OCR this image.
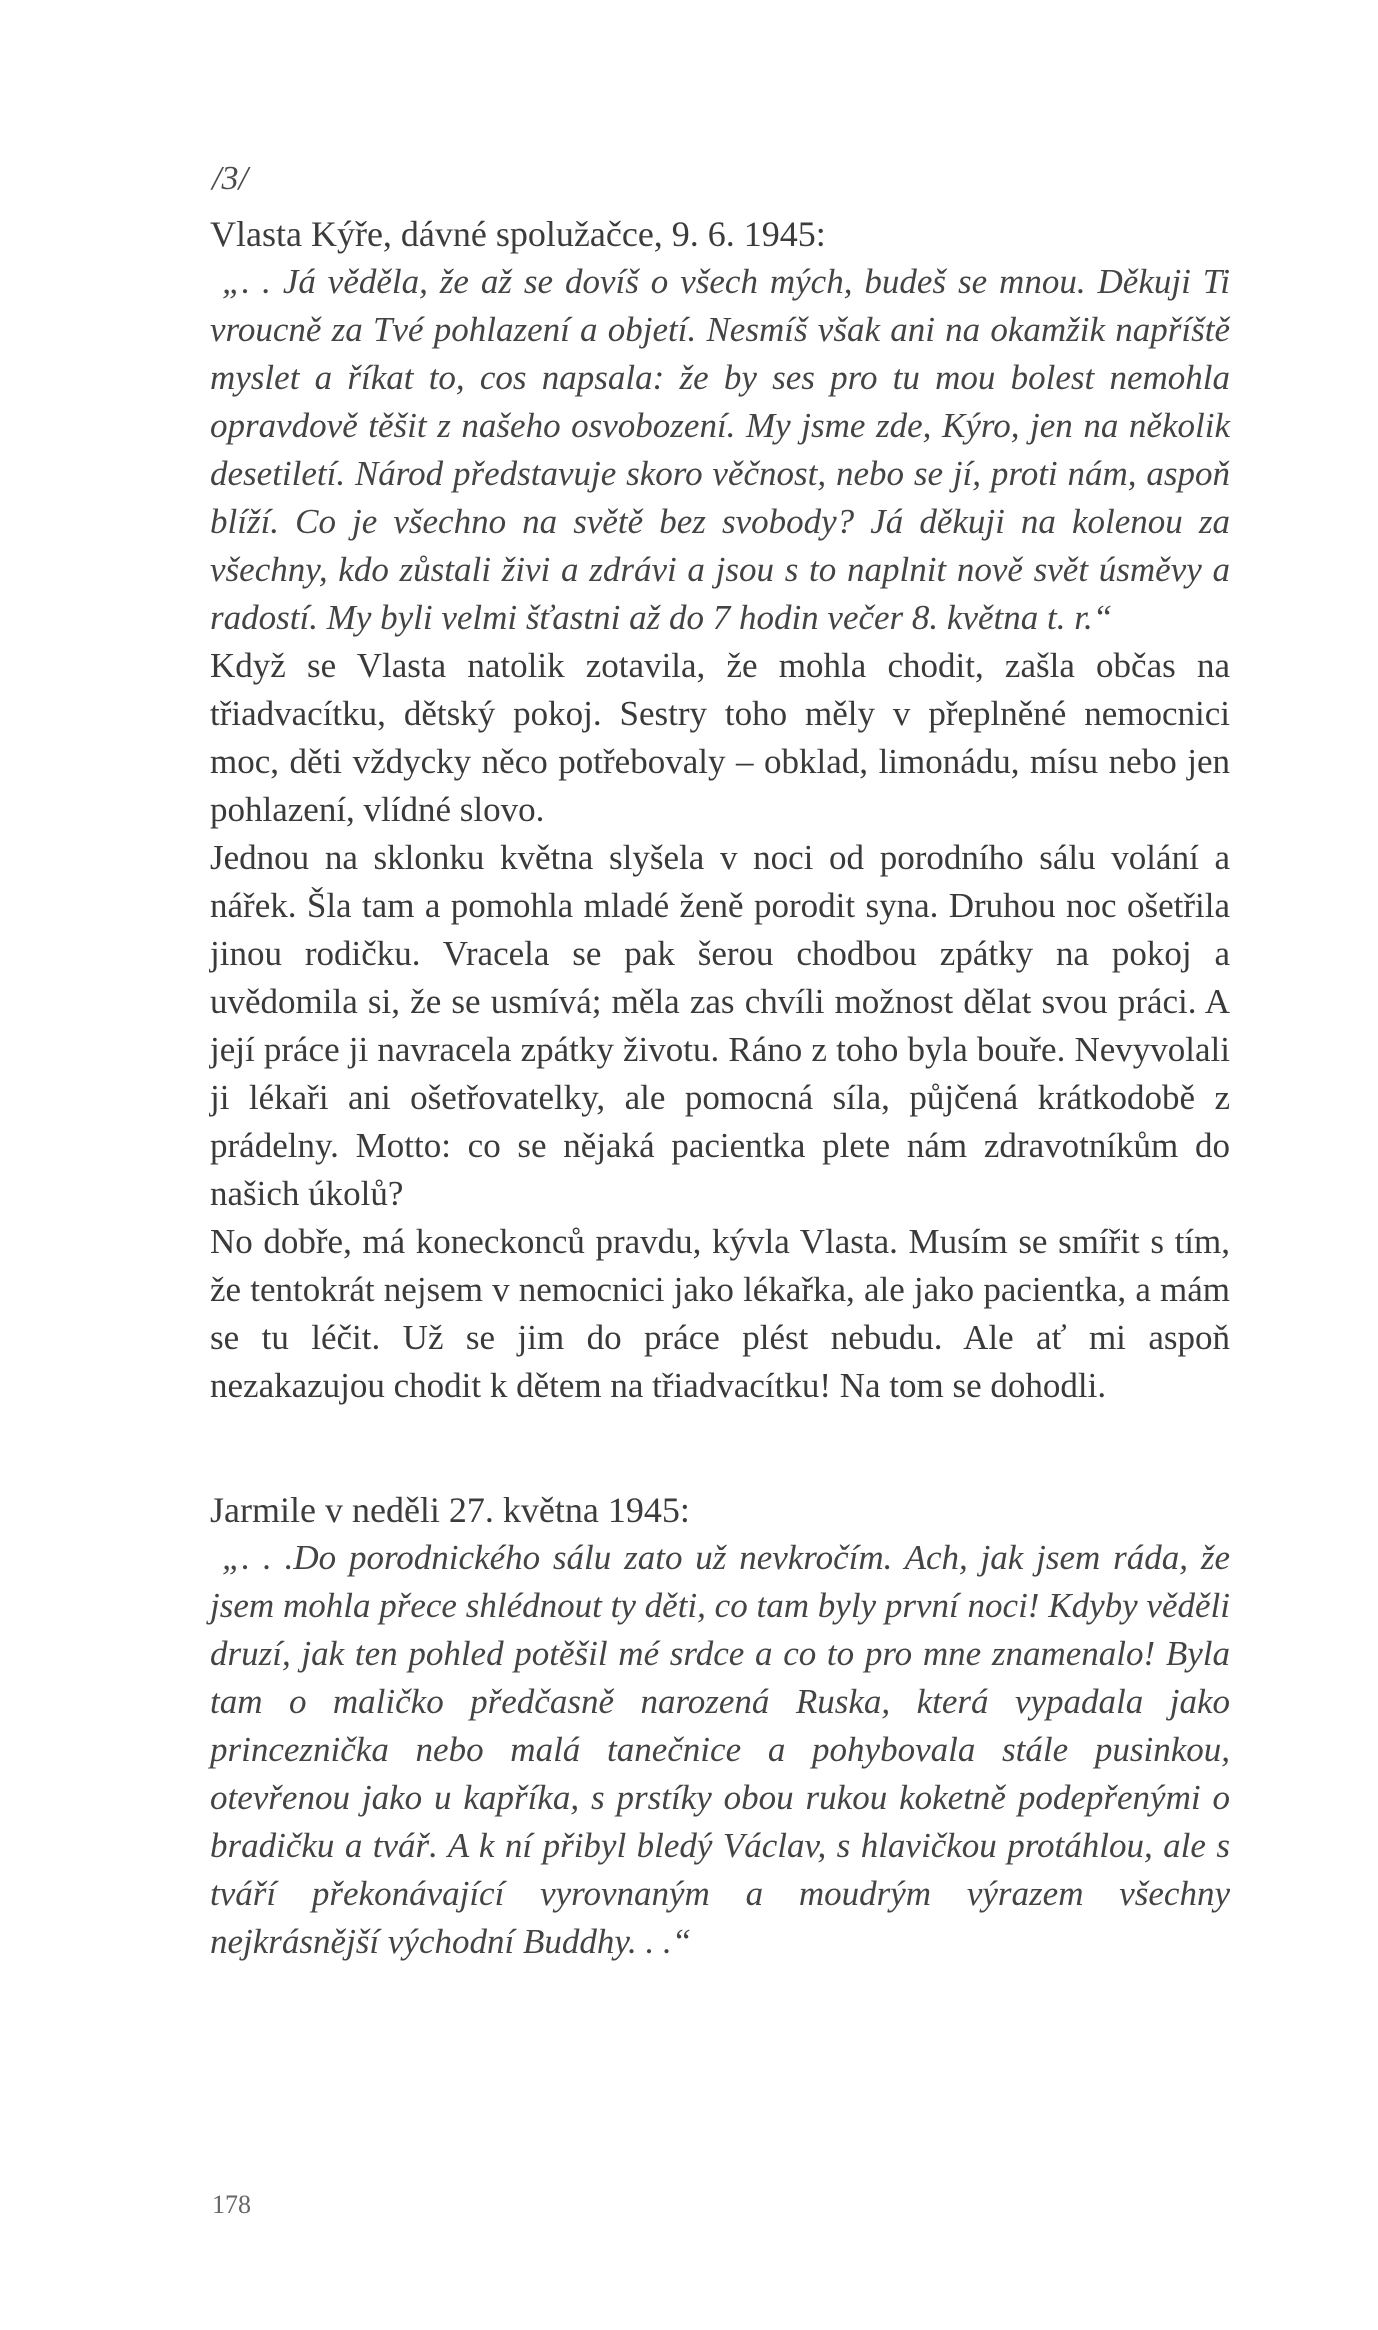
/3/

Vlasta Kýře, dávné spolužačce, 9. 6. 1945:

„. . Já věděla, že až se dovíš o všech mých, budeš se mnou. Děkuji Ti vroucně za Tvé pohlazení a objetí. Nesmíš však ani na okamžik napříště myslet a říkat to, cos napsala: že by ses pro tu mou bolest nemohla opravdově těšit z našeho osvobození. My jsme zde, Kýro, jen na několik desetiletí. Národ představuje skoro věčnost, nebo se jí, proti nám, aspoň blíží. Co je všechno na světě bez svobody? Já děkuji na kolenou za všechny, kdo zůstali živi a zdrávi a jsou s to naplnit nově svět úsměvy a radostí. My byli velmi šťastni až do 7 hodin večer 8. května t. r.“

Když se Vlasta natolik zotavila, že mohla chodit, zašla občas na třiadvacítku, dětský pokoj. Sestry toho měly v přeplněné nemocnici moc, děti vždycky něco potřebovaly – obklad, limonádu, mísu nebo jen pohlazení, vlídné slovo.

Jednou na sklonku května slyšela v noci od porodního sálu volání a nářek. Šla tam a pomohla mladé ženě porodit syna. Druhou noc ošetřila jinou rodičku. Vracela se pak šerou chodbou zpátky na pokoj a uvědomila si, že se usmívá; měla zas chvíli možnost dělat svou práci. A její práce ji navracela zpátky životu. Ráno z toho byla bouře. Nevyvolali ji lékaři ani ošetřovatelky, ale pomocná síla, půjčená krátkodobě z prádelny. Motto: co se nějaká pacientka plete nám zdravotníkům do našich úkolů?

No dobře, má koneckonců pravdu, kývla Vlasta. Musím se smířit s tím, že tentokrát nejsem v nemocnici jako lékařka, ale jako pacientka, a mám se tu léčit. Už se jim do práce plést nebudu. Ale ať mi aspoň nezakazujou chodit k dětem na třiadvacítku! Na tom se dohodli.

Jarmile v neděli 27. května 1945:

„. . .Do porodnického sálu zato už nevkročím. Ach, jak jsem ráda, že jsem mohla přece shlédnout ty děti, co tam byly první noci! Kdyby věděli druzí, jak ten pohled potěšil mé srdce a co to pro mne znamenalo! Byla tam o maličko předčasně narozená Ruska, která vypadala jako princeznička nebo malá tanečnice a pohybovala stále pusinkou, otevřenou jako u kapříka, s prstíky obou rukou koketně podepřenými o bradičku a tvář. A k ní přibyl bledý Václav, s hlavičkou protáhlou, ale s tváří překonávající vyrovnaným a moudrým výrazem všechny nejkrásnější východní Buddhy. . .“

178
